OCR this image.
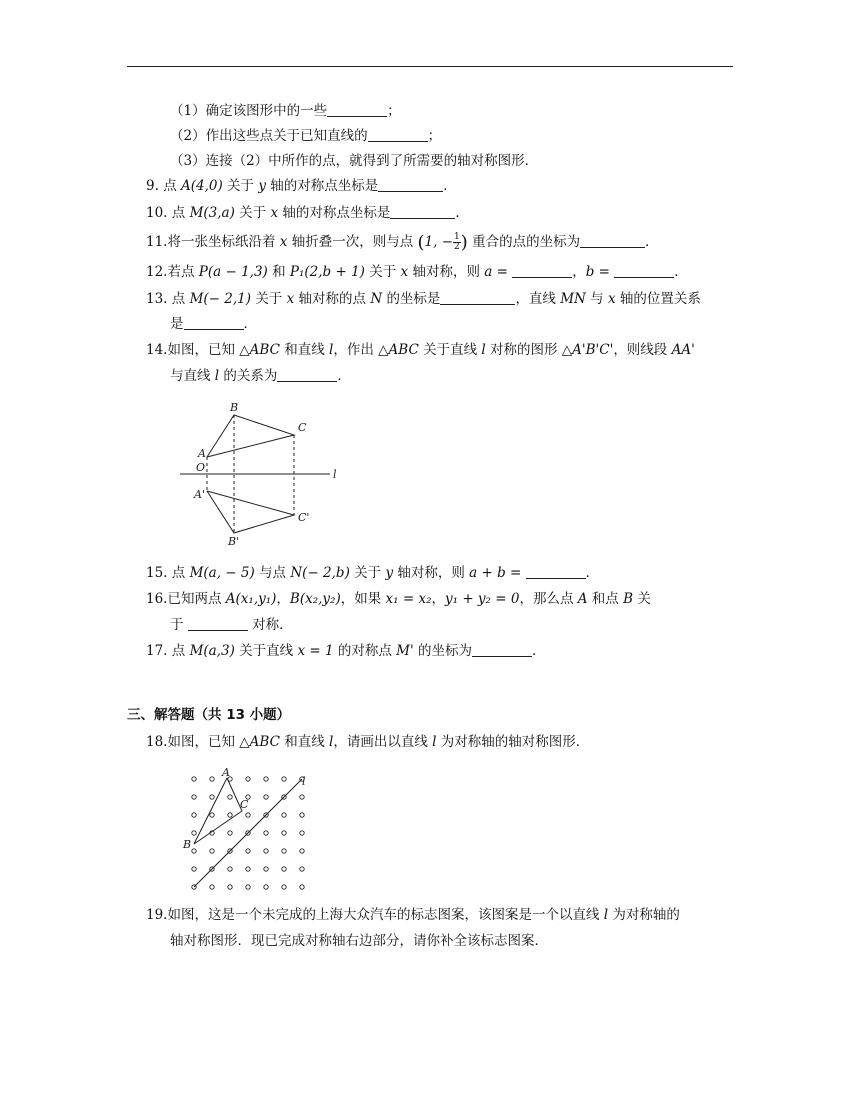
（1）确定该图形中的一些	；
（2）作出这些点关于已知直线的	；
（3）连接（2）中所作的点，就得到了所需要的轴对称图形．
9. 点 A(4,0) 关于 y 轴的对称点坐标是	．
10. 点 M(3,a) 关于 x 轴的对称点坐标是	．
11.将一张坐标纸沿着 x 轴折叠一次，则与点 (1, − $\frac{1}{2}$ ) 重合的点的坐标为	．
12.若点 P(a − 1,3) 和 P₁(2,b + 1) 关于 x 轴对称，则 a =	，b =	．
13. 点 M(− 2,1) 关于 x 轴对称的点 N 的坐标是	，直线 MN 与 x 轴的位置关系
是	．
14.如图，已知 △ABC 和直线 l，作出 △ABC 关于直线 l 对称的图形 △A'B'C'，则线段 AA'
与直线 l 的关系为	．
B
C
A
O
l
A'
C'
B'
15. 点 M(a, − 5) 与点 N(− 2,b) 关于 y 轴对称，则 a + b =	．
16.已知两点 A(x₁,y₁)，B(x₂,y₂)，如果 x₁ = x₂，y₁ + y₂ = 0，那么点 A 和点 B 关
于	对称．
17. 点 M(a,3) 关于直线 x = 1 的对称点 M' 的坐标为	．
三、解答题（共 13 小题）
18.如图，已知 △ABC 和直线 l，请画出以直线 l 为对称轴的轴对称图形．
A
C
B
l
19.如图，这是一个未完成的上海大众汽车的标志图案，该图案是一个以直线 l 为对称轴的
轴对称图形．现已完成对称轴右边部分，请你补全该标志图案．
